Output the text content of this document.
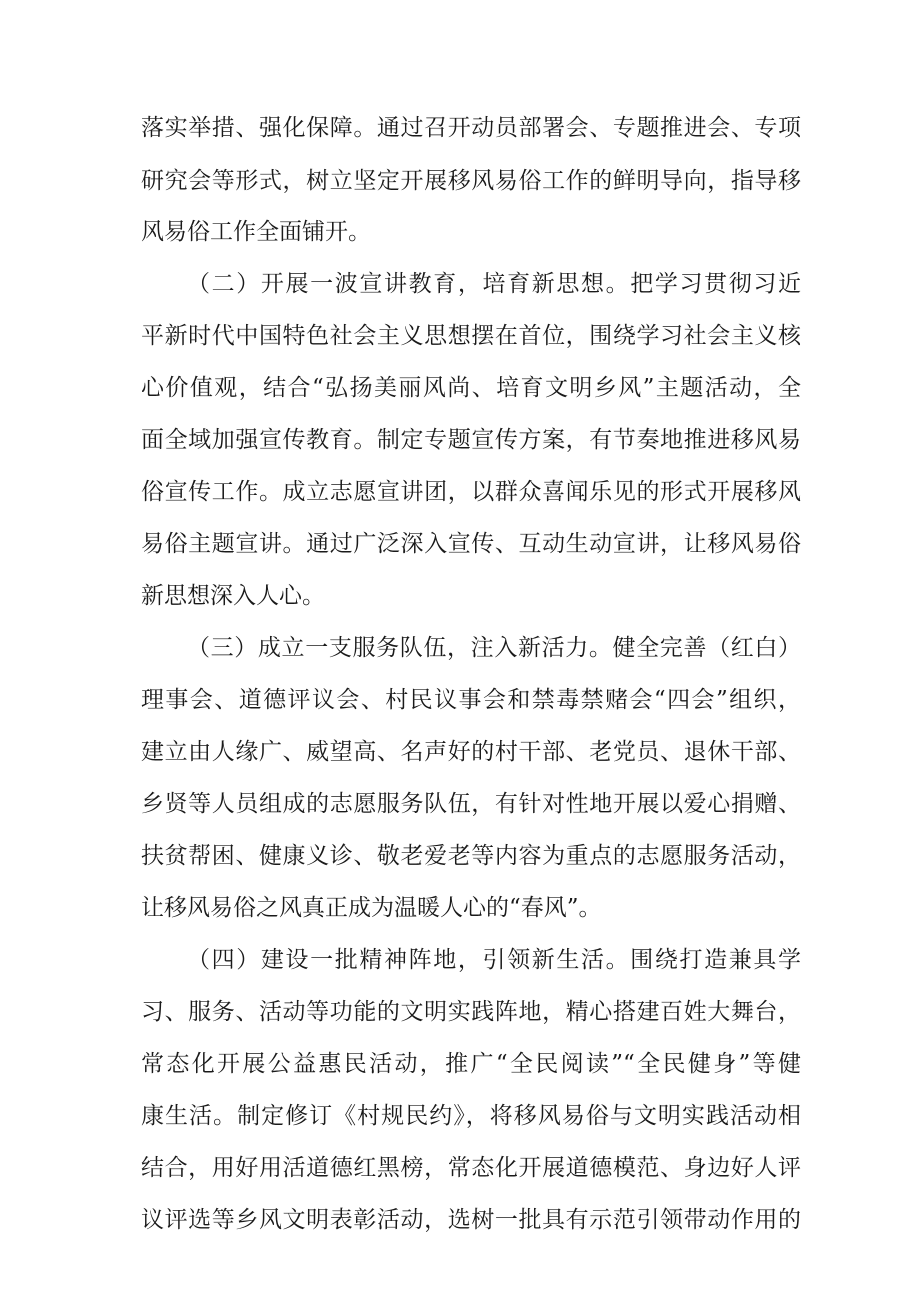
落实举措、强化保障。通过召开动员部署会、专题推进会、专项
研究会等形式，树立坚定开展移风易俗工作的鲜明导向，指导移
风易俗工作全面铺开。
（二）开展一波宣讲教育，培育新思想。把学习贯彻习近
平新时代中国特色社会主义思想摆在首位，围绕学习社会主义核
心价值观，结合“弘扬美丽风尚、培育文明乡风”主题活动，全
面全域加强宣传教育。制定专题宣传方案，有节奏地推进移风易
俗宣传工作。成立志愿宣讲团，以群众喜闻乐见的形式开展移风
易俗主题宣讲。通过广泛深入宣传、互动生动宣讲，让移风易俗
新思想深入人心。
（三）成立一支服务队伍，注入新活力。健全完善（红白）
理事会、道德评议会、村民议事会和禁毒禁赌会“四会”组织，
建立由人缘广、威望高、名声好的村干部、老党员、退休干部、
乡贤等人员组成的志愿服务队伍，有针对性地开展以爱心捐赠、
扶贫帮困、健康义诊、敬老爱老等内容为重点的志愿服务活动，
让移风易俗之风真正成为温暖人心的“春风”。
（四）建设一批精神阵地，引领新生活。围绕打造兼具学
习、服务、活动等功能的文明实践阵地，精心搭建百姓大舞台，
常态化开展公益惠民活动，推广“全民阅读”“全民健身”等健
康生活。制定修订《村规民约》，将移风易俗与文明实践活动相
结合，用好用活道德红黑榜，常态化开展道德模范、身边好人评
议评选等乡风文明表彰活动，选树一批具有示范引领带动作用的
